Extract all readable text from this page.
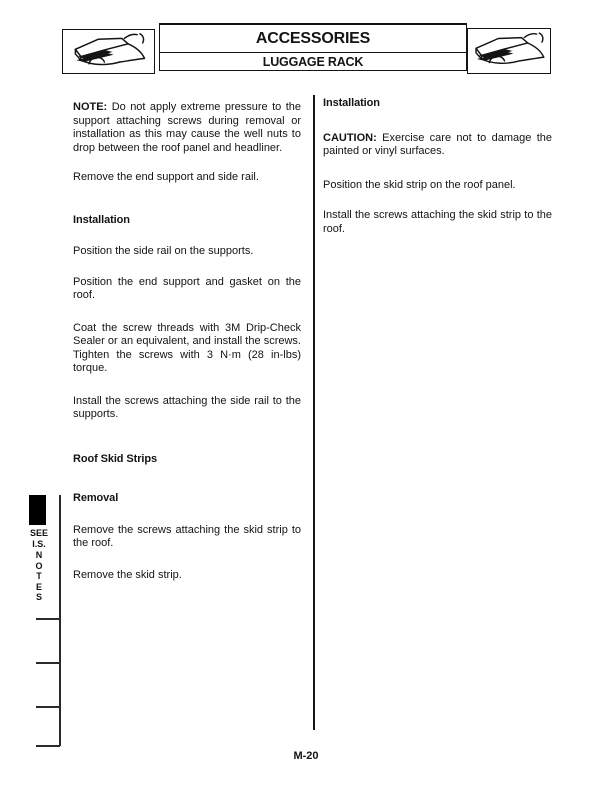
ACCESSORIES
LUGGAGE RACK

NOTE: Do not apply extreme pressure to the support attaching screws during removal or installation as this may cause the well nuts to drop between the roof panel and headliner.

Remove the end support and side rail.

Installation

Position the side rail on the supports.

Position the end support and gasket on the roof.

Coat the screw threads with 3M Drip-Check Sealer or an equivalent, and install the screws. Tighten the screws with 3 N·m (28 in-lbs) torque.

Install the screws attaching the side rail to the supports.

Roof Skid Strips

Removal

Remove the screws attaching the skid strip to the roof.

Remove the skid strip.

Installation

CAUTION: Exercise care not to damage the painted or vinyl surfaces.

Position the skid strip on the roof panel.

Install the screws attaching the skid strip to the roof.

SEE
I.S.
N
O
T
E
S
M-20
